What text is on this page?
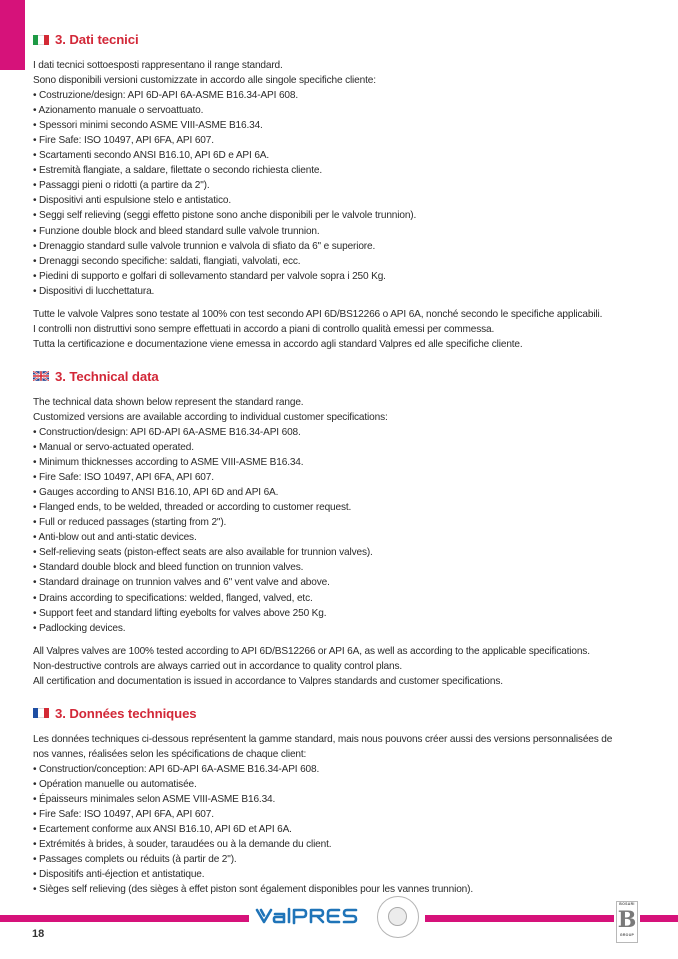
3. Dati tecnici
I dati tecnici sottoesposti rappresentano il range standard.
Sono disponibili versioni customizzate in accordo alle singole specifiche cliente:
• Costruzione/design: API 6D-API 6A-ASME B16.34-API 608.
• Azionamento manuale o servoattuato.
• Spessori minimi secondo ASME VIII-ASME B16.34.
• Fire Safe: ISO 10497, API 6FA, API 607.
• Scartamenti secondo ANSI B16.10, API 6D e API 6A.
• Estremità flangiate, a saldare, filettate o secondo richiesta cliente.
• Passaggi pieni o ridotti (a partire da 2").
• Dispositivi anti espulsione stelo e antistatico.
• Seggi self relieving (seggi effetto pistone sono anche disponibili per le valvole trunnion).
• Funzione double block and bleed standard sulle valvole trunnion.
• Drenaggio standard sulle valvole trunnion e valvola di sfiato da 6" e superiore.
• Drenaggi secondo specifiche: saldati, flangiati, valvolati, ecc.
• Piedini di supporto e golfari di sollevamento standard per valvole sopra i 250 Kg.
• Dispositivi di lucchettatura.
Tutte le valvole Valpres sono testate al 100% con test secondo API 6D/BS12266 o API 6A, nonché secondo le specifiche applicabili.
I controlli non distruttivi sono sempre effettuati in accordo a piani di controllo qualità emessi per commessa.
Tutta la certificazione e documentazione viene emessa in accordo agli standard Valpres ed alle specifiche cliente.
3. Technical data
The technical data shown below represent the standard range.
Customized versions are available according to individual customer specifications:
• Construction/design: API 6D-API 6A-ASME B16.34-API 608.
• Manual or servo-actuated operated.
• Minimum thicknesses according to ASME VIII-ASME B16.34.
• Fire Safe: ISO 10497, API 6FA, API 607.
• Gauges according to ANSI B16.10, API 6D and API 6A.
• Flanged ends, to be welded, threaded or according to customer request.
• Full or reduced passages (starting from 2").
• Anti-blow out and anti-static devices.
• Self-relieving seats (piston-effect seats are also available for trunnion valves).
• Standard double block and bleed function on trunnion valves.
• Standard drainage on trunnion valves and 6" vent valve and above.
• Drains according to specifications: welded, flanged, valved, etc.
• Support feet and standard lifting eyebolts for valves above 250 Kg.
• Padlocking devices.
All Valpres valves are 100% tested according to API 6D/BS12266 or API 6A, as well as according to the applicable specifications.
Non-destructive controls are always carried out in accordance to quality control plans.
All certification and documentation is issued in accordance to Valpres standards and customer specifications.
3. Données techniques
Les données techniques ci-dessous représentent la gamme standard, mais nous pouvons créer aussi des versions personnalisées de
nos vannes, réalisées selon les spécifications de chaque client:
• Construction/conception: API 6D-API 6A-ASME B16.34-API 608.
• Opération manuelle ou automatisée.
• Épaisseurs minimales selon ASME VIII-ASME B16.34.
• Fire Safe: ISO 10497, API 6FA, API 607.
• Ecartement conforme aux ANSI B16.10, API 6D et API 6A.
• Extrémités à brides, à souder, taraudées ou à la demande du client.
• Passages complets ou réduits (à partir de 2").
• Dispositifs anti-éjection et antistatique.
• Sièges self relieving (des sièges à effet piston sont également disponibles pour les vannes trunnion).
BOSARI
B
GROUP
18
